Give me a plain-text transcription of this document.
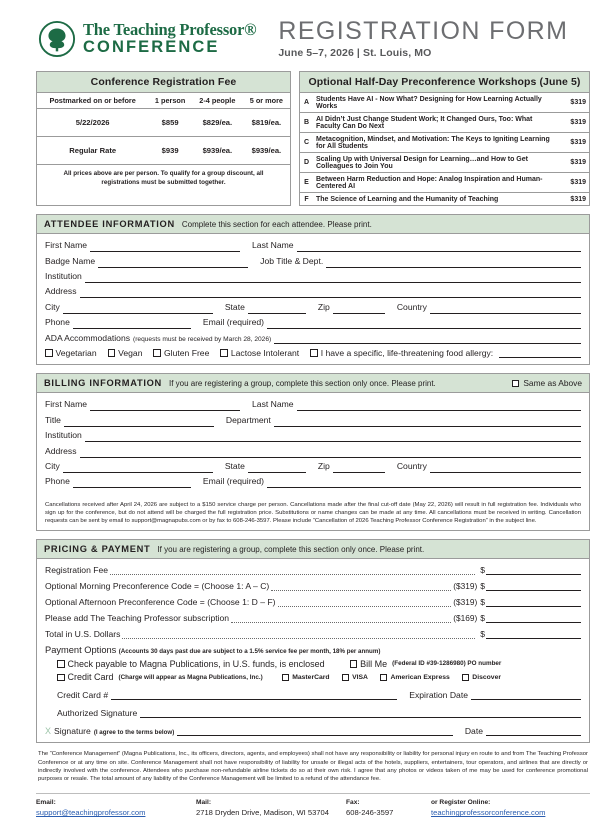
The Teaching Professor®
CONFERENCE
REGISTRATION FORM
June 5–7, 2026 | St. Louis, MO
Conference Registration Fee
Postmarked on or before	1 person	2-4 people	5 or more
5/22/2026	$859	$829/ea.	$819/ea.
Regular Rate	$939	$939/ea.	$939/ea.
All prices above are per person. To qualify for a group discount, all registrations must be submitted together.
Optional Half-Day Preconference Workshops (June 5)
A	Students Have AI - Now What? Designing for How Learning Actually Works	$319
B	AI Didn’t Just Change Student Work; It Changed Ours, Too: What Faculty Can Do Next	$319
C	Metacognition, Mindset, and Motivation: The Keys to Igniting Learning for All Students	$319
D	Scaling Up with Universal Design for Learning…and How to Get Colleagues to Join You	$319
E	Between Harm Reduction and Hope: Analog Inspiration and Human-Centered AI	$319
F	The Science of Learning and the Humanity of Teaching	$319
ATTENDEE INFORMATION Complete this section for each attendee. Please print.
First Name	Last Name
Badge Name	Job Title & Dept.
Institution
Address
City	State	Zip	Country
Phone	Email (required)
ADA Accommodations (requests must be received by March 28, 2026)
Vegetarian	Vegan	Gluten Free	Lactose Intolerant	I have a specific, life-threatening food allergy:
BILLING INFORMATION If you are registering a group, complete this section only once. Please print.	Same as Above
First Name	Last Name
Title	Department
Institution
Address
City	State	Zip	Country
Phone	Email (required)
Cancellations received after April 24, 2026 are subject to a $150 service charge per person. Cancellations made after the final cut-off date (May 22, 2026) will result in full registration fee. Individuals who sign up for the conference, but do not attend will be charged the full registration price. Substitutions or name changes can be made at any time. All cancellations must be received in writing. Cancellation requests can be sent by email to support@magnapubs.com or by fax to 608-246-3597. Please include “Cancellation of 2026 Teaching Professor Conference Registration” in the subject line.
PRICING & PAYMENT If you are registering a group, complete this section only once. Please print.
Registration Fee	$
Optional Morning Preconference Code = (Choose 1: A – C)	($319) $
Optional Afternoon Preconference Code = (Choose 1: D – F)	($319) $
Please add The Teaching Professor subscription	($169) $
Total in U.S. Dollars	$
Payment Options (Accounts 30 days past due are subject to a 1.5% service fee per month, 18% per annum)
Check payable to Magna Publications, in U.S. funds, is enclosed	Bill Me (Federal ID #39-1286980) PO number
Credit Card (Charge will appear as Magna Publications, Inc.)	MasterCard	VISA	American Express	Discover
Credit Card #	Expiration Date
Authorized Signature
X Signature (I agree to the terms below)	Date
The “Conference Management” (Magna Publications, Inc., its officers, directors, agents, and employees) shall not have any responsibility or liability for personal injury en route to and from The Teaching Professor Conference or at any time on site. Conference Management shall not have responsibility of liability for unsafe or illegal acts of the hotels, suppliers, entertainers, tour operators, and airlines that are directly or indirectly involved with the conference. Attendees who purchase non-refundable airline tickets do so at their own risk. I agree that any photos or videos taken of me may be used for conference promotional purposes or resale. The total amount of any liability of the Conference Management will be limited to a refund of the attendance fee.
Email:
support@teachingprofessor.com
Mail:
2718 Dryden Drive, Madison, WI 53704
Fax:
608-246-3597
or Register Online:
teachingprofessorconference.com
